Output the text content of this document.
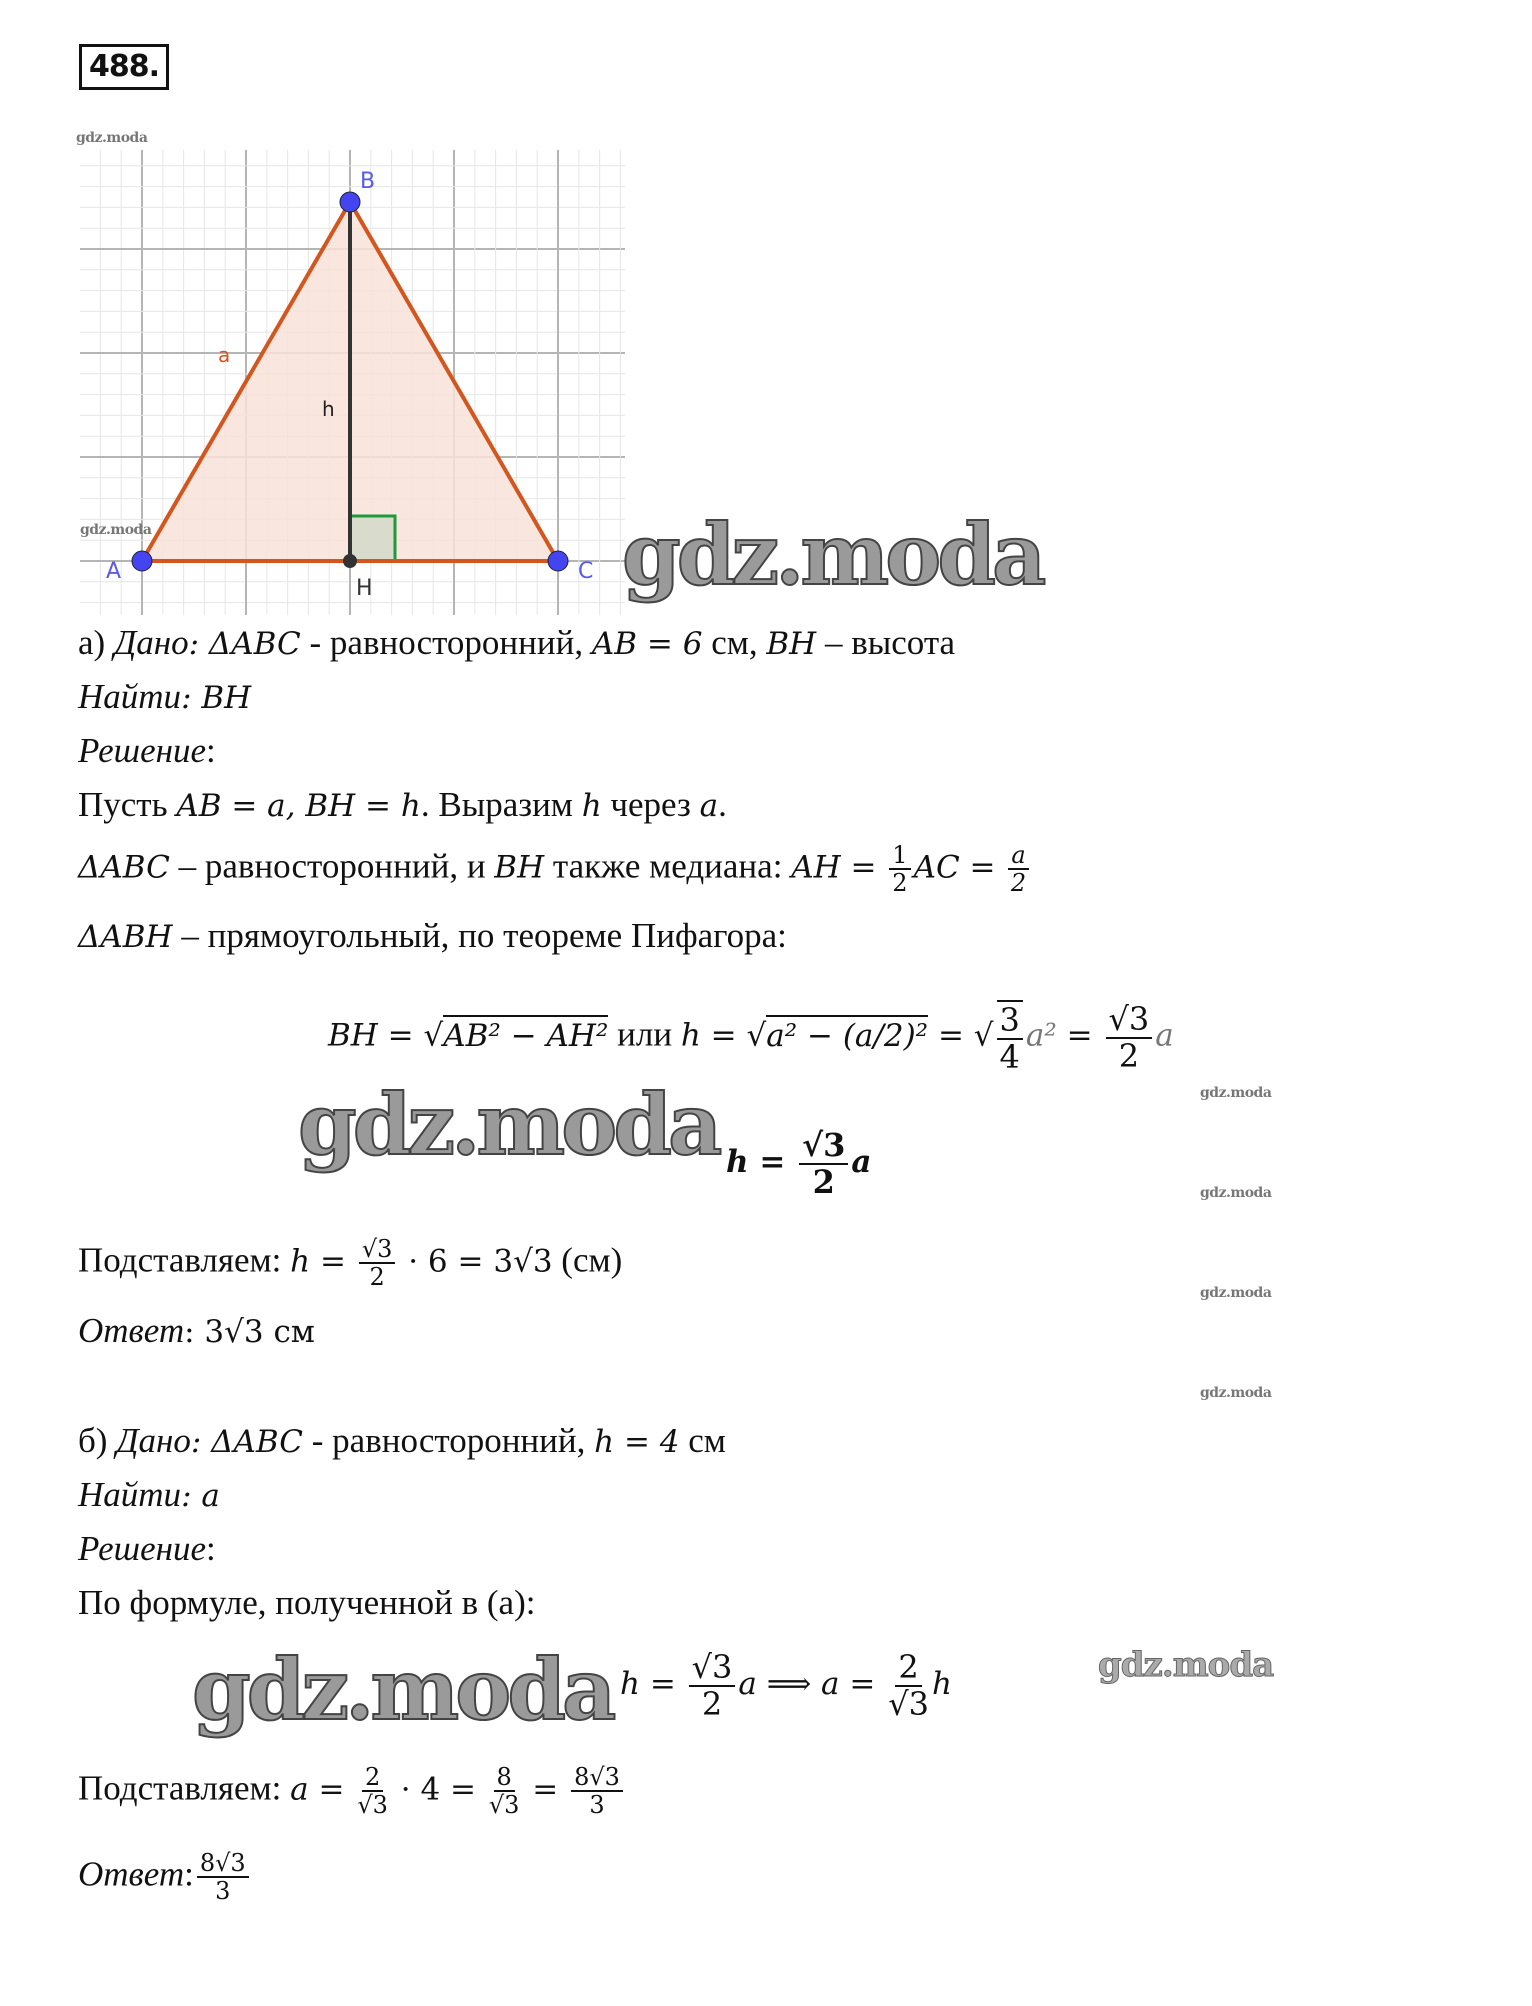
488.
gdz.moda
A
B
C
H
a
h
gdz.moda	gdz.moda
а) Дано: ΔABC - равносторонний, AB = 6 см, BH – высота
Найти: BH
Решение:
Пусть AB = a, BH = h. Выразим h через a.
ΔABC – равносторонний, и BH также медиана: AH = $\frac{1}{2}$ AC = $\frac{a}{2}$
ΔABH – прямоугольный, по теореме Пифагора:
BH = √AB² − AH² или h = √a² − (a/2)² = √ $\frac{3}{4} a^2 = \frac{√3}{2}$ a
gdz.moda
gdz.moda $h = \frac{√3}{2}$ a
gdz.moda
Подставляем: $h = \frac{√3}{2} \cdot 6 = 3√3$ (см)
gdz.moda
Ответ: 3√3 см
gdz.moda
б) Дано: ΔABC - равносторонний, h = 4 см
Найти: a
Решение:
По формуле, полученной в (а):
gdz.moda	gdz.moda
$h = \frac{√3}{2}$ a ⟹ $a = \frac{2}{√3}$ h
Подставляем: $a = \frac{2}{√3} \cdot 4 = \frac{8}{√3} = \frac{8√3}{3}$
Ответ: $\frac{8√3}{3}$
